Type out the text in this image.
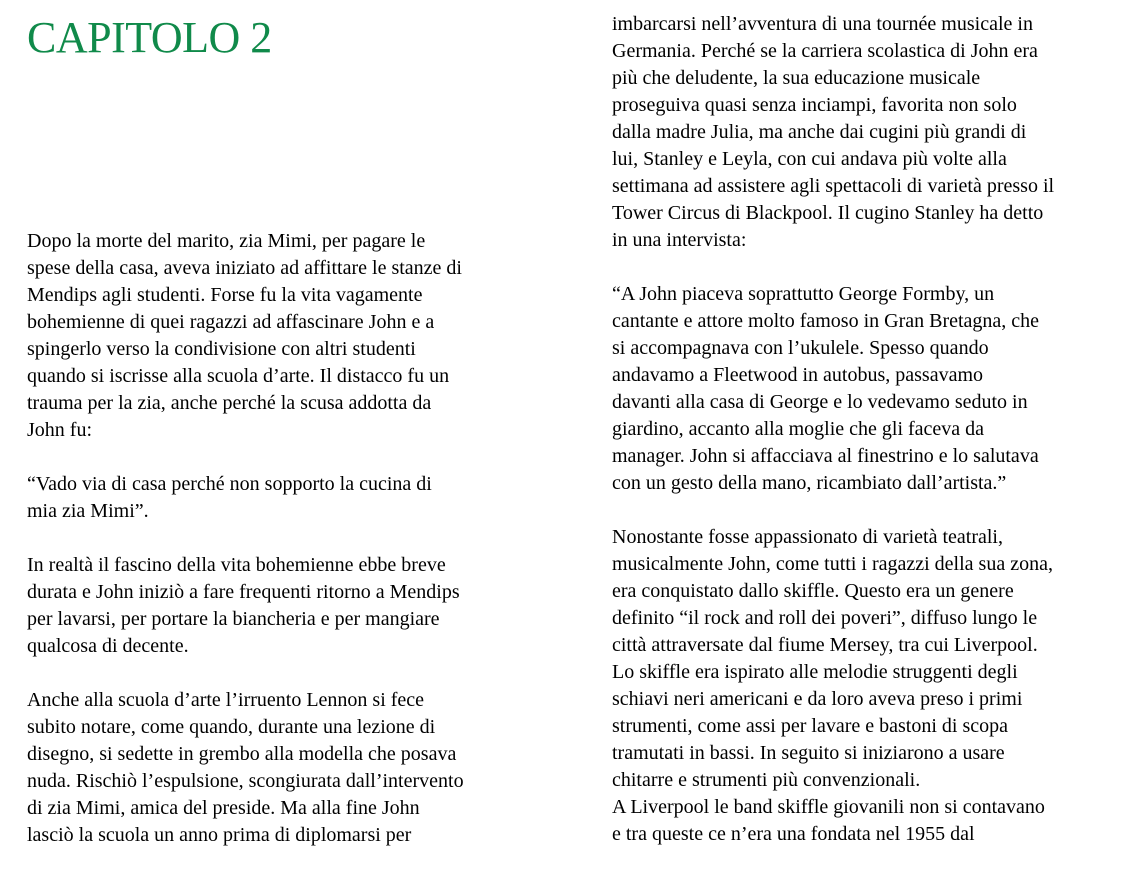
CAPITOLO 2

Dopo la morte del marito, zia Mimi, per pagare le
spese della casa, aveva iniziato ad affittare le stanze di
Mendips agli studenti. Forse fu la vita vagamente
bohemienne di quei ragazzi ad affascinare John e a
spingerlo verso la condivisione con altri studenti
quando si iscrisse alla scuola d’arte. Il distacco fu un
trauma per la zia, anche perché la scusa addotta da
John fu:

“Vado via di casa perché non sopporto la cucina di
mia zia Mimi”.

In realtà il fascino della vita bohemienne ebbe breve
durata e John iniziò a fare frequenti ritorno a Mendips
per lavarsi, per portare la biancheria e per mangiare
qualcosa di decente.

Anche alla scuola d’arte l’irruento Lennon si fece
subito notare, come quando, durante una lezione di
disegno, si sedette in grembo alla modella che posava
nuda. Rischiò l’espulsione, scongiurata dall’intervento
di zia Mimi, amica del preside. Ma alla fine John
lasciò la scuola un anno prima di diplomarsi per

imbarcarsi nell’avventura di una tournée musicale in
Germania. Perché se la carriera scolastica di John era
più che deludente, la sua educazione musicale
proseguiva quasi senza inciampi, favorita non solo
dalla madre Julia, ma anche dai cugini più grandi di
lui, Stanley e Leyla, con cui andava più volte alla
settimana ad assistere agli spettacoli di varietà presso il
Tower Circus di Blackpool. Il cugino Stanley ha detto
in una intervista:

“A John piaceva soprattutto George Formby, un
cantante e attore molto famoso in Gran Bretagna, che
si accompagnava con l’ukulele. Spesso quando
andavamo a Fleetwood in autobus, passavamo
davanti alla casa di George e lo vedevamo seduto in
giardino, accanto alla moglie che gli faceva da
manager. John si affacciava al finestrino e lo salutava
con un gesto della mano, ricambiato dall’artista.”

Nonostante fosse appassionato di varietà teatrali,
musicalmente John, come tutti i ragazzi della sua zona,
era conquistato dallo skiffle. Questo era un genere
definito “il rock and roll dei poveri”, diffuso lungo le
città attraversate dal fiume Mersey, tra cui Liverpool.
Lo skiffle era ispirato alle melodie struggenti degli
schiavi neri americani e da loro aveva preso i primi
strumenti, come assi per lavare e bastoni di scopa
tramutati in bassi. In seguito si iniziarono a usare
chitarre e strumenti più convenzionali.

A Liverpool le band skiffle giovanili non si contavano
e tra queste ce n’era una fondata nel 1955 dal
